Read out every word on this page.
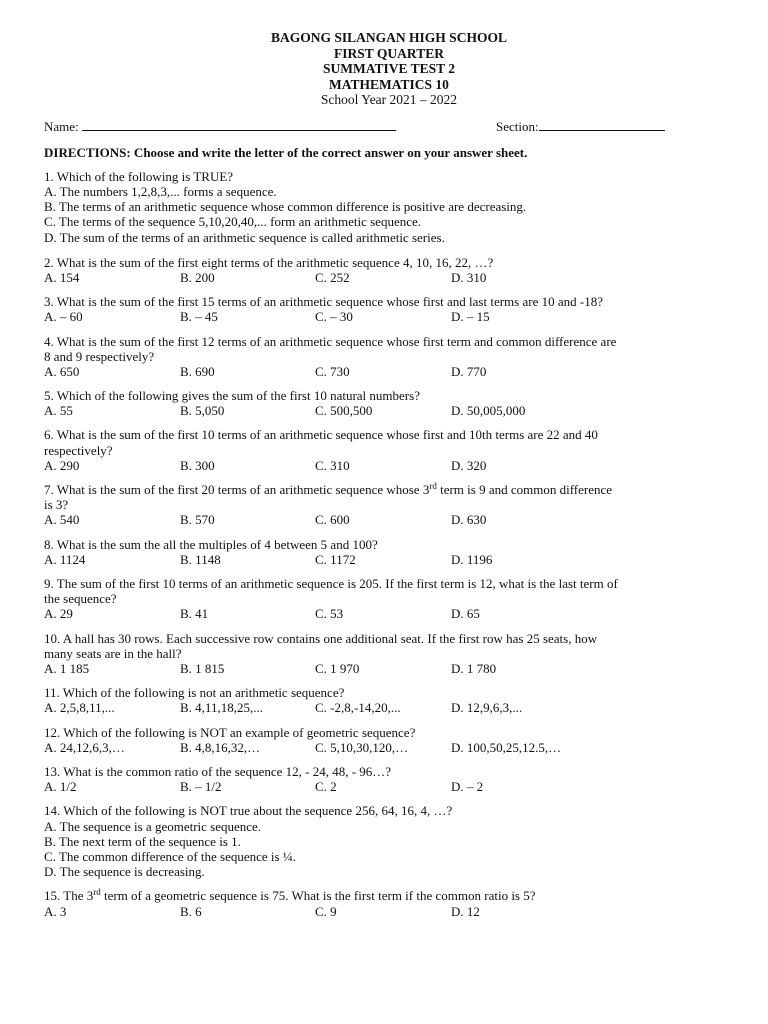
BAGONG SILANGAN HIGH SCHOOL
FIRST QUARTER
SUMMATIVE TEST 2
MATHEMATICS 10
School Year 2021 – 2022
Name:	Section:
DIRECTIONS: Choose and write the letter of the correct answer on your answer sheet.
1. Which of the following is TRUE?
A. The numbers 1,2,8,3,... forms a sequence.
B. The terms of an arithmetic sequence whose common difference is positive are decreasing.
C. The terms of the sequence 5,10,20,40,... form an arithmetic sequence.
D. The sum of the terms of an arithmetic sequence is called arithmetic series.
2. What is the sum of the first eight terms of the arithmetic sequence 4, 10, 16, 22, …?
A. 154	B. 200	C. 252	D. 310
3. What is the sum of the first 15 terms of an arithmetic sequence whose first and last terms are 10 and -18?
A. – 60	B. – 45	C. – 30	D. – 15
4. What is the sum of the first 12 terms of an arithmetic sequence whose first term and common difference are
8 and 9 respectively?
A. 650	B. 690	C. 730	D. 770
5. Which of the following gives the sum of the first 10 natural numbers?
A. 55	B. 5,050	C. 500,500	D. 50,005,000
6. What is the sum of the first 10 terms of an arithmetic sequence whose first and 10th terms are 22 and 40
respectively?
A. 290	B. 300	C. 310	D. 320
7. What is the sum of the first 20 terms of an arithmetic sequence whose 3rd term is 9 and common difference
is 3?
A. 540	B. 570	C. 600	D. 630
8. What is the sum the all the multiples of 4 between 5 and 100?
A. 1124	B. 1148	C. 1172	D. 1196
9. The sum of the first 10 terms of an arithmetic sequence is 205. If the first term is 12, what is the last term of
the sequence?
A. 29	B. 41	C. 53	D. 65
10. A hall has 30 rows. Each successive row contains one additional seat. If the first row has 25 seats, how
many seats are in the hall?
A. 1 185	B. 1 815	C. 1 970	D. 1 780
11. Which of the following is not an arithmetic sequence?
A. 2,5,8,11,...	B. 4,11,18,25,...	C. -2,8,-14,20,...	D. 12,9,6,3,...
12. Which of the following is NOT an example of geometric sequence?
A. 24,12,6,3,…	B. 4,8,16,32,…	C. 5,10,30,120,…	D. 100,50,25,12.5,…
13. What is the common ratio of the sequence 12, - 24, 48, - 96…?
A. 1/2	B. – 1/2	C. 2	D. – 2
14. Which of the following is NOT true about the sequence 256, 64, 16, 4, …?
A. The sequence is a geometric sequence.
B. The next term of the sequence is 1.
C. The common difference of the sequence is ¼.
D. The sequence is decreasing.
15. The 3rd term of a geometric sequence is 75. What is the first term if the common ratio is 5?
A. 3	B. 6	C. 9	D. 12
